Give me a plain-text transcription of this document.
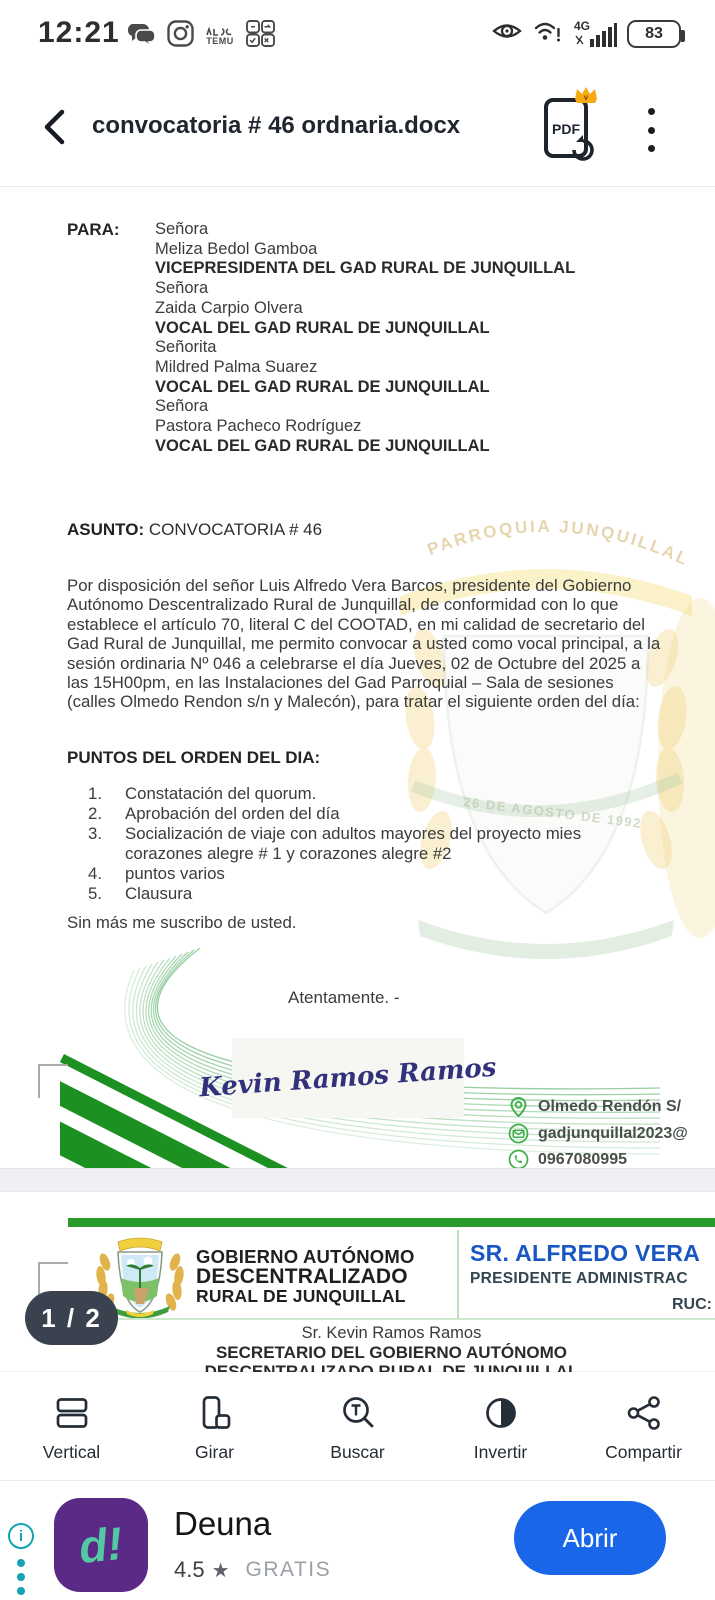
12:21	TEMU
4G	83
convocatoria # 46 ordnaria.docx	PDF
v
PARROQUIA JUNQUILLAL
26 DE AGOSTO DE 1992
PARA: Señora
Meliza Bedol Gamboa
VICEPRESIDENTA DEL GAD RURAL DE JUNQUILLAL
Señora
Zaida Carpio Olvera
VOCAL DEL GAD RURAL DE JUNQUILLAL
Señorita
Mildred Palma Suarez
VOCAL DEL GAD RURAL DE JUNQUILLAL
Señora
Pastora Pacheco Rodríguez
VOCAL DEL GAD RURAL DE JUNQUILLAL
ASUNTO: CONVOCATORIA # 46
Por disposición del señor Luis Alfredo Vera Barcos, presidente del Gobierno Autónomo Descentralizado Rural de Junquillal, de conformidad con lo que establece el artículo 70, literal C del COOTAD, en mi calidad de secretario del Gad Rural de Junquillal, me permito convocar a usted como vocal principal, a la sesión ordinaria Nº 046 a celebrarse el día Jueves, 02 de Octubre del 2025 a las 15H00pm, en las Instalaciones del Gad Parroquial – Sala de sesiones (calles Olmedo Rendon s/n y Malecón), para tratar el siguiente orden del día:
PUNTOS DEL ORDEN DEL DIA:
1.	Constatación del quorum.
2.	Aprobación del orden del día
3.	Socialización de viaje con adultos mayores del proyecto mies corazones alegre # 1 y corazones alegre #2
4.	puntos varios
5.	Clausura
Sin más me suscribo de usted.
Atentamente. -
Kevin Ramos Ramos
Olmedo Rendón S/
gadjunquillal2023@
0967080995
GOBIERNO AUTÓNOMO
DESCENTRALIZADO
RURAL DE JUNQUILLAL
SR. ALFREDO VERA
PRESIDENTE ADMINISTRAC
RUC:
Sr. Kevin Ramos Ramos
SECRETARIO DEL GOBIERNO AUTÓNOMO
1 / 2
Vertical	Girar	Buscar	Invertir	Compartir
i d! Deuna
4.5 ★ GRATIS
Abrir
